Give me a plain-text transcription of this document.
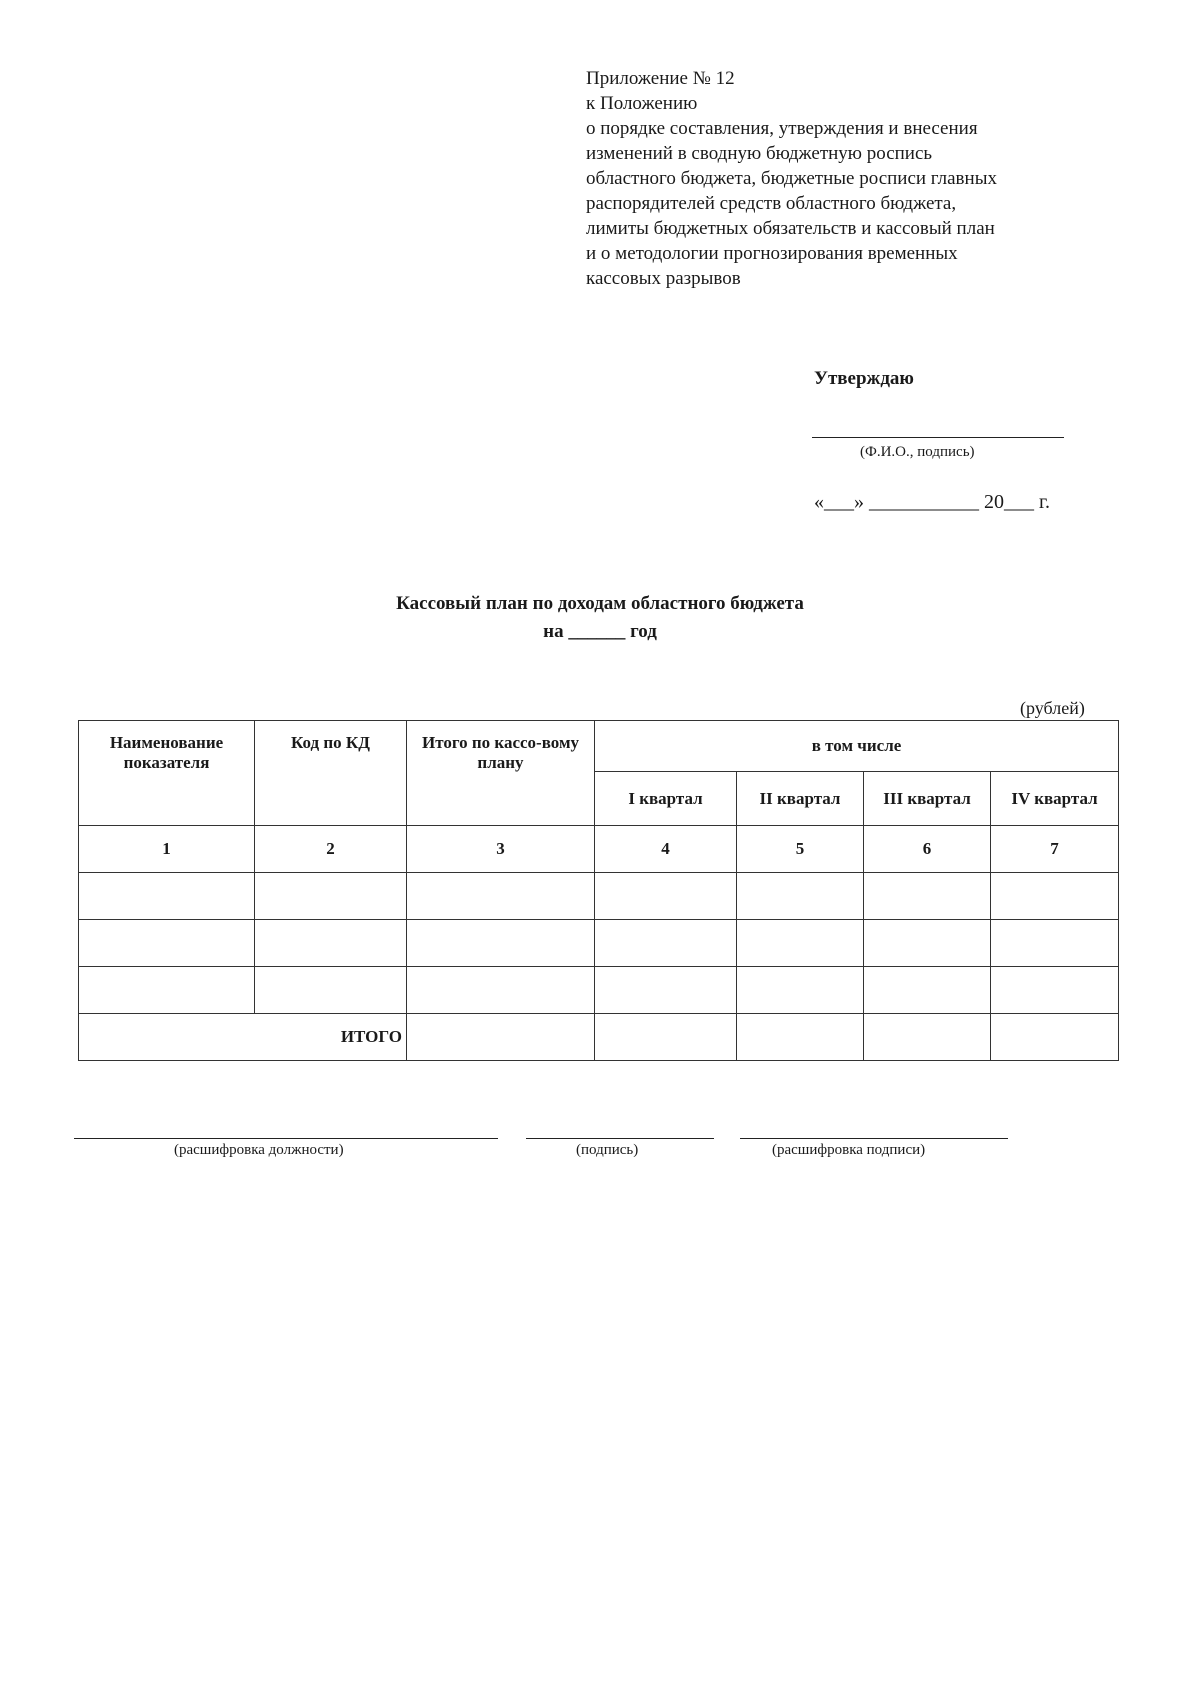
Приложение № 12
к Положению
о порядке составления, утверждения и внесения
изменений в сводную бюджетную роспись
областного бюджета, бюджетные росписи главных
распорядителей средств областного бюджета,
лимиты бюджетных обязательств и кассовый план
и о методологии прогнозирования временных
кассовых разрывов
Утверждаю
(Ф.И.О., подпись)
«___» ___________ 20___ г.
Кассовый план по доходам областного бюджета
на ______ год
(рублей)
Наименование показателя	Код по КД	Итого по кассо-вому плану	в том числе			
			I квартал	II квартал	III квартал	IV квартал
1	2	3	4	5	6	7

ИТОГО						
(расшифровка должности)	(подпись)	(расшифровка подписи)
